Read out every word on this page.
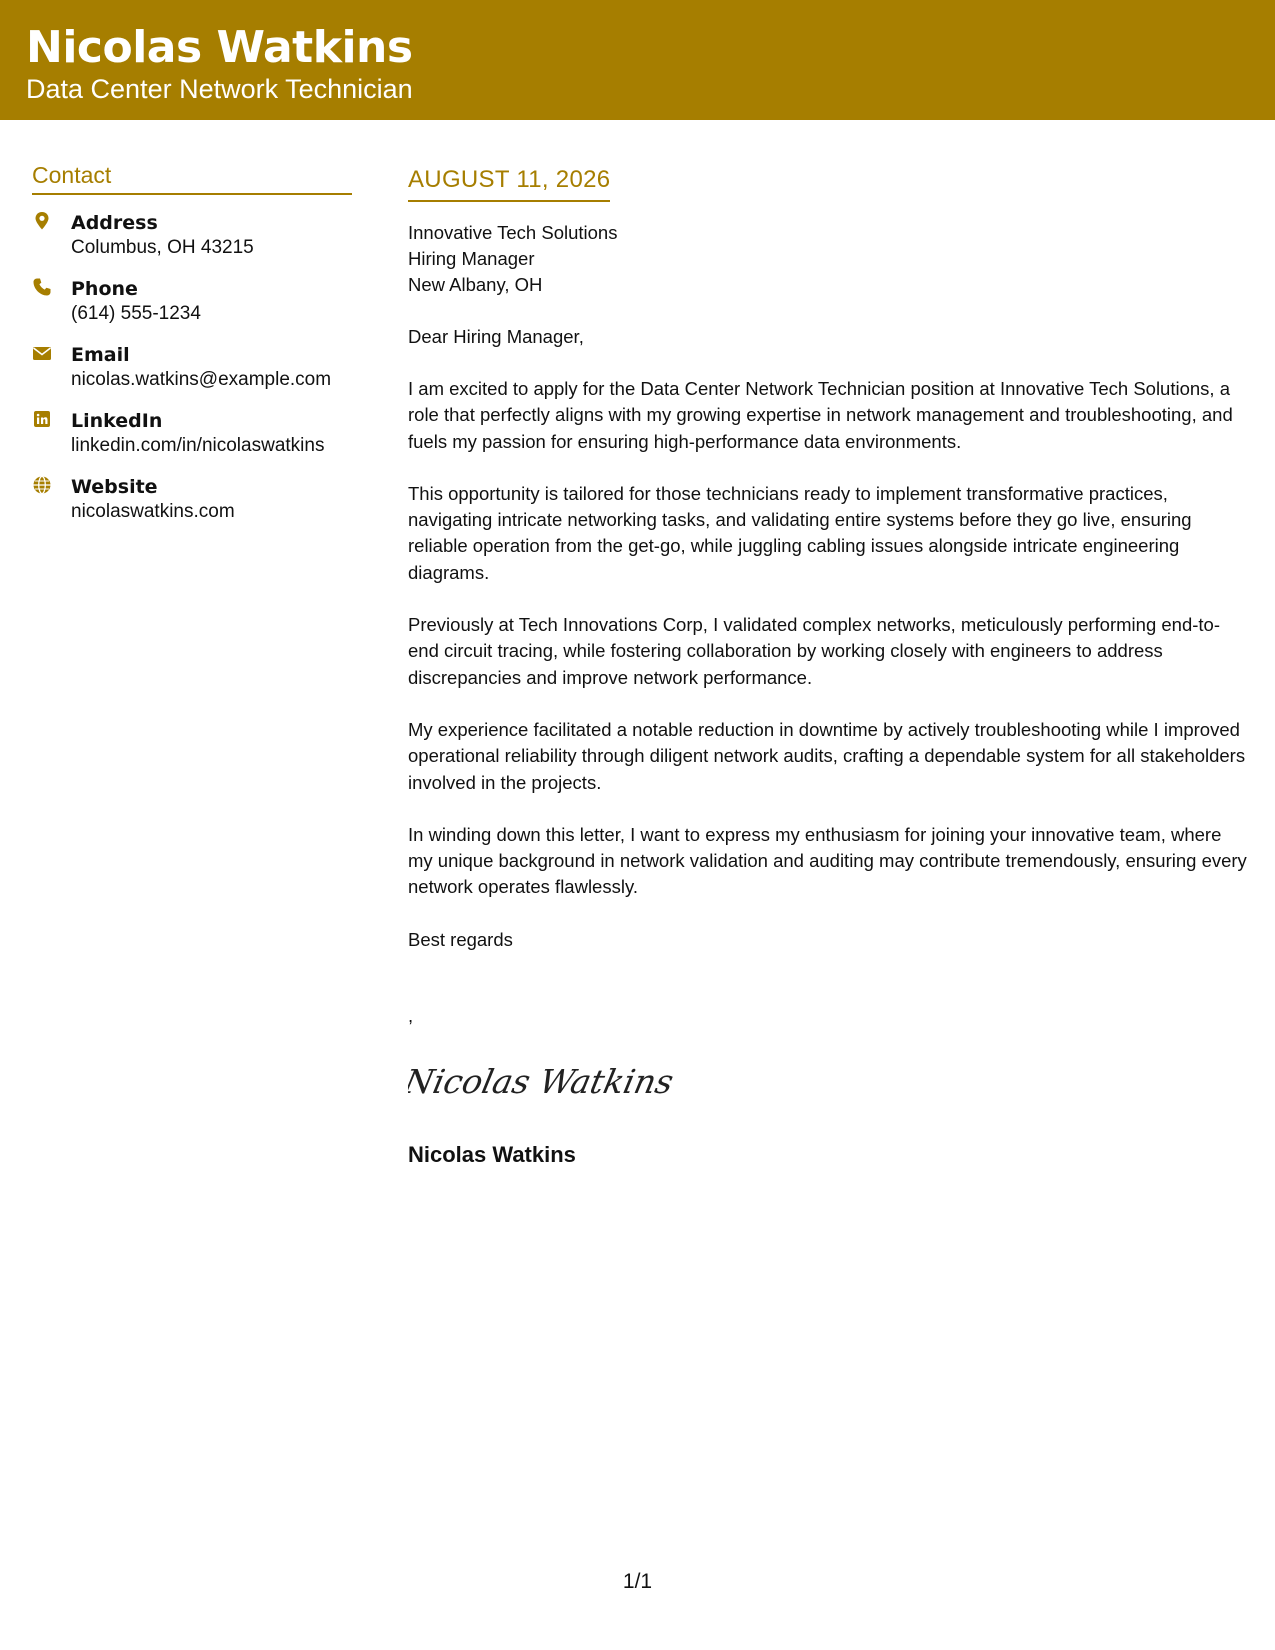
Nicolas Watkins
Data Center Network Technician
Contact
Address
Columbus, OH 43215
Phone
(614) 555-1234
Email
nicolas.watkins@example.com
LinkedIn
linkedin.com/in/nicolaswatkins
Website
nicolaswatkins.com
AUGUST 11, 2026
Innovative Tech Solutions
Hiring Manager
New Albany, OH
Dear Hiring Manager,
I am excited to apply for the Data Center Network Technician position at Innovative Tech Solutions, a role that perfectly aligns with my growing expertise in network management and troubleshooting, and fuels my passion for ensuring high-performance data environments.
This opportunity is tailored for those technicians ready to implement transformative practices, navigating intricate networking tasks, and validating entire systems before they go live, ensuring reliable operation from the get-go, while juggling cabling issues alongside intricate engineering diagrams.
Previously at Tech Innovations Corp, I validated complex networks, meticulously performing end-to-end circuit tracing, while fostering collaboration by working closely with engineers to address discrepancies and improve network performance.
My experience facilitated a notable reduction in downtime by actively troubleshooting while I improved operational reliability through diligent network audits, crafting a dependable system for all stakeholders involved in the projects.
In winding down this letter, I want to express my enthusiasm for joining your innovative team, where my unique background in network validation and auditing may contribute tremendously, ensuring every network operates flawlessly.
Best regards
,
Nicolas Watkins
Nicolas Watkins
1/1
